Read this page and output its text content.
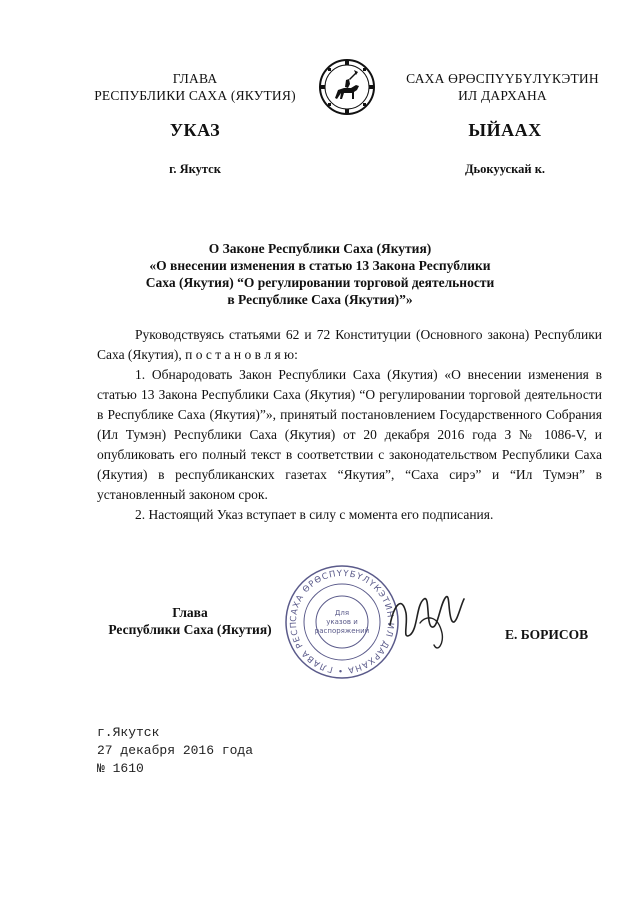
ГЛАВА
РЕСПУБЛИКИ САХА (ЯКУТИЯ)
САХА ӨРӨСПҮҮБҮЛҮКЭТИН
ИЛ ДАРХАНА
УКАЗ	ЫЙААХ
г. Якутск	Дьокуускай к.
О Законе Республики Саха (Якутия)
«О внесении изменения в статью 13 Закона Республики
Саха (Якутия) “О регулировании торговой деятельности
в Республике Саха (Якутия)”»

Руководствуясь статьями 62 и 72 Конституции (Основного закона) Республики Саха (Якутия), п о с т а н о в л я ю:

1. Обнародовать Закон Республики Саха (Якутия) «О внесении изменения в статью 13 Закона Республики Саха (Якутия) “О регулировании торговой деятельности в Республике Саха (Якутия)”», принятый постановлением Государственного Собрания (Ил Тумэн) Республики Саха (Якутия) от 20 декабря 2016 года З № 1086-V, и опубликовать его полный текст в соответствии с законодательством Республики Саха (Якутия) в республиканских газетах “Якутия”, “Саха сирэ” и “Ил Тумэн” в установленный законом срок.

2. Настоящий Указ вступает в силу с момента его подписания.

Глава
Республики Саха (Якутия)
САХА ӨРӨСПҮҮБҮЛҮКЭТИН ИЛ ДАРХАНА • ГЛАВА РЕСП
Для
указов и
распоряжений	Е. БОРИСОВ
г.Якутск
27 декабря 2016 года
№ 1610
